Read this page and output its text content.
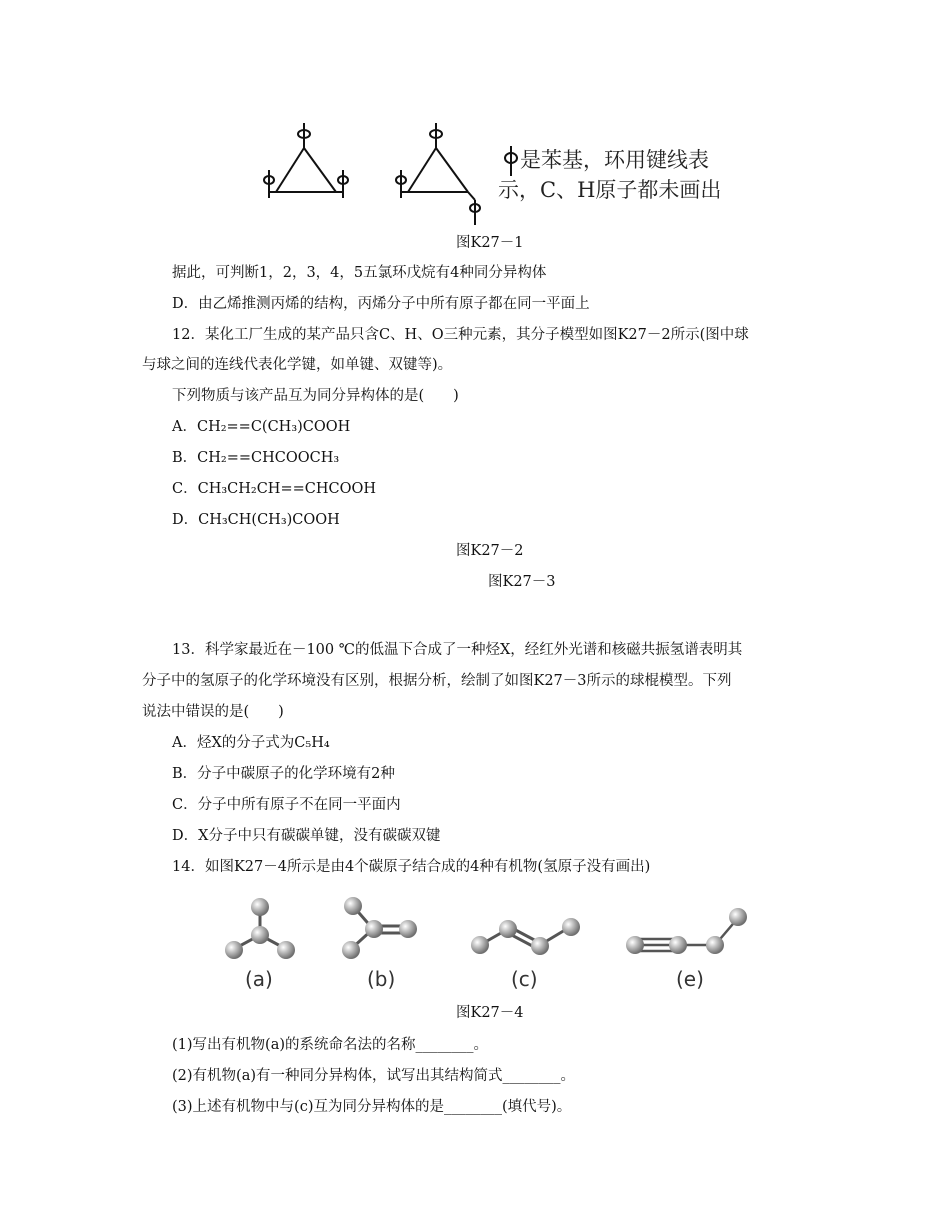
是苯基，环用键线表
示，C、H原子都未画出
图K27－1
据此，可判断1，2，3，4，5五氯环戊烷有4种同分异构体
D．由乙烯推测丙烯的结构，丙烯分子中所有原子都在同一平面上
12．某化工厂生成的某产品只含C、H、O三种元素，其分子模型如图K27－2所示(图中球
与球之间的连线代表化学键，如单键、双键等)。
下列物质与该产品互为同分异构体的是(　　)
A．CH₂==C(CH₃)COOH
B．CH₂==CHCOOCH₃
C．CH₃CH₂CH==CHCOOH
D．CH₃CH(CH₃)COOH
图K27－2
图K27－3
13．科学家最近在－100 ℃的低温下合成了一种烃X，经红外光谱和核磁共振氢谱表明其
分子中的氢原子的化学环境没有区别，根据分析，绘制了如图K27－3所示的球棍模型。下列
说法中错误的是(　　)
A．烃X的分子式为C₅H₄
B．分子中碳原子的化学环境有2种
C．分子中所有原子不在同一平面内
D．X分子中只有碳碳单键，没有碳碳双键
14．如图K27－4所示是由4个碳原子结合成的4种有机物(氢原子没有画出)
(a)	(b)	(c)	(e)
图K27－4
(1)写出有机物(a)的系统命名法的名称________。
(2)有机物(a)有一种同分异构体，试写出其结构简式________。
(3)上述有机物中与(c)互为同分异构体的是________(填代号)。
